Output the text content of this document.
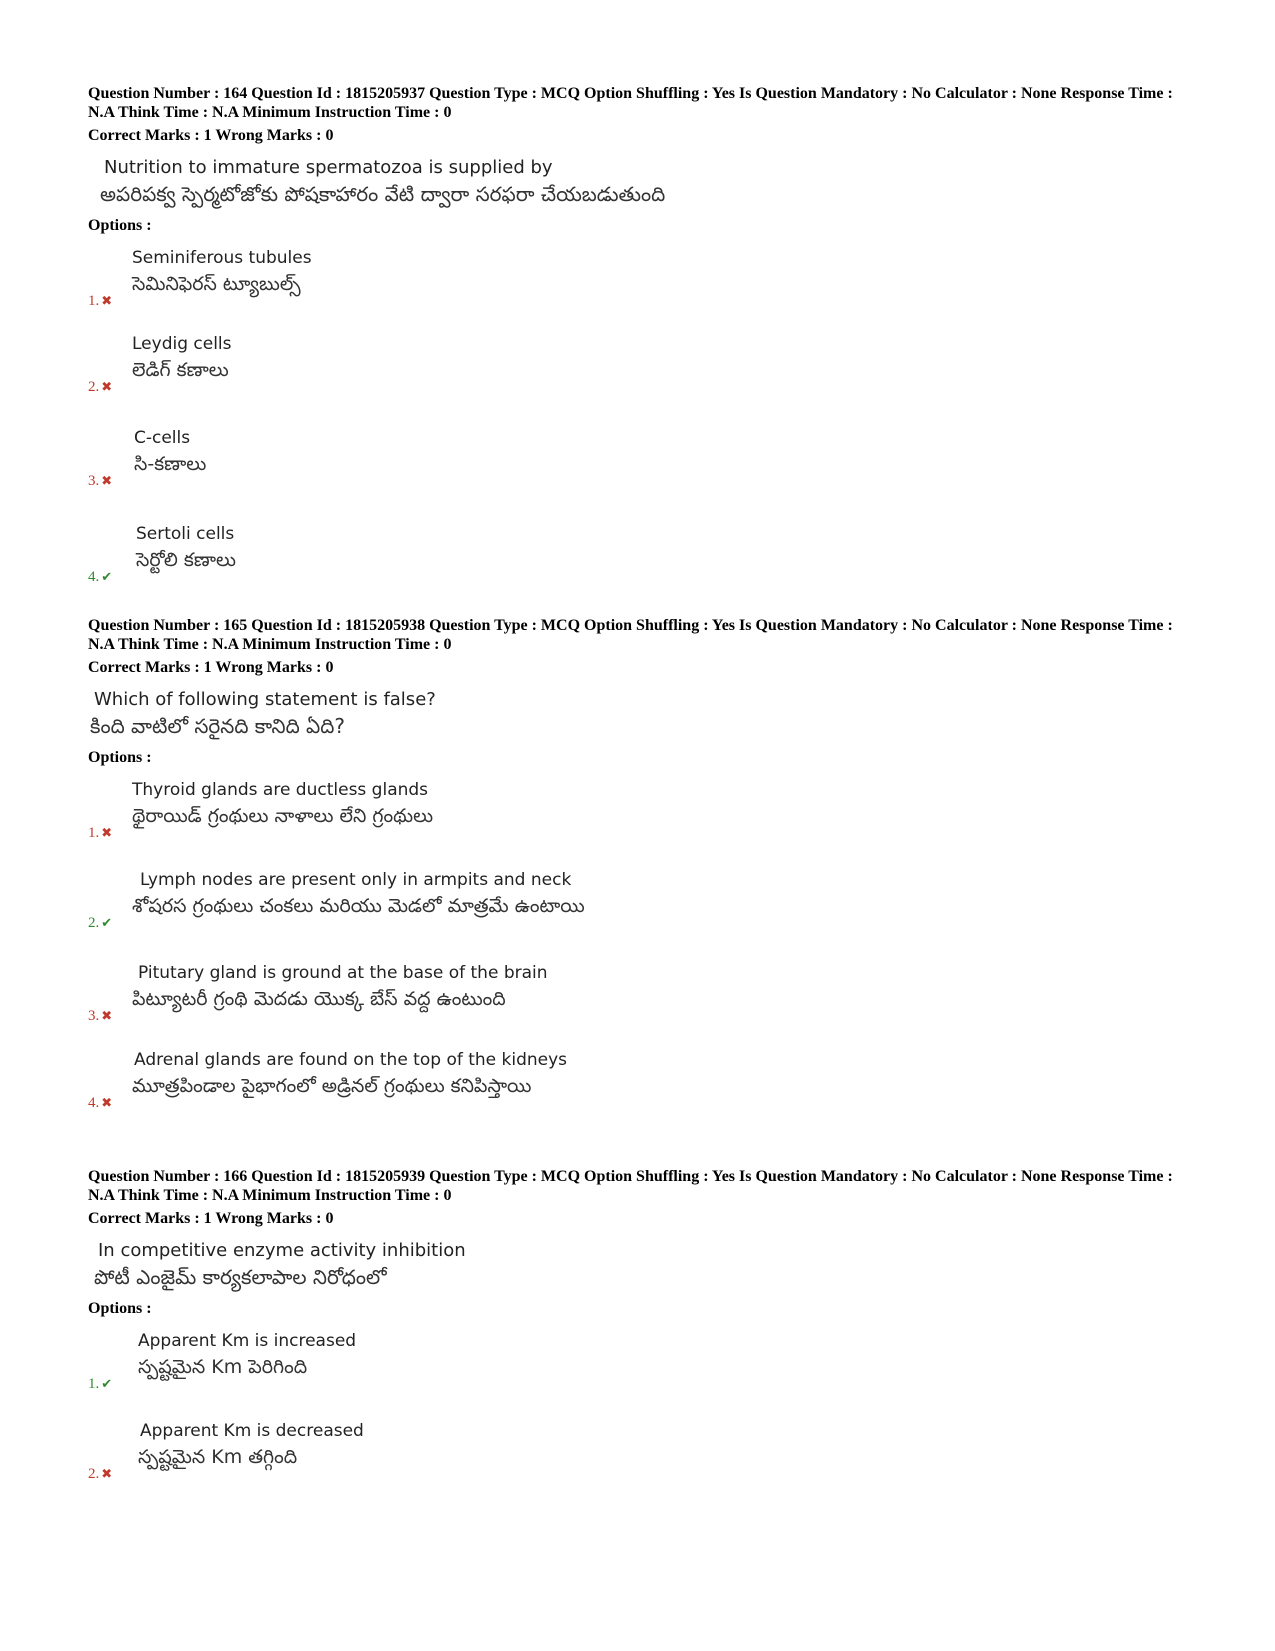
Question Number : 164 Question Id : 1815205937 Question Type : MCQ Option Shuffling : Yes Is Question Mandatory : No Calculator : None Response Time : N.A Think Time : N.A Minimum Instruction Time : 0

Correct Marks : 1 Wrong Marks : 0

Nutrition to immature spermatozoa is supplied by
అపరిపక్వ స్పెర్మటోజోకు పోషకాహారం వేటి ద్వారా సరఫరా చేయబడుతుంది

Options :

Seminiferous tubules
సెమినిఫెరస్ ట్యూబుల్స్
1. ✖
Leydig cells
లెడిగ్ కణాలు
2. ✖
C-cells
సి-కణాలు
3. ✖
Sertoli cells
సెర్టోలి కణాలు
4. ✔

Question Number : 165 Question Id : 1815205938 Question Type : MCQ Option Shuffling : Yes Is Question Mandatory : No Calculator : None Response Time : N.A Think Time : N.A Minimum Instruction Time : 0

Correct Marks : 1 Wrong Marks : 0

Which of following statement is false?
కింది వాటిలో సరైనది కానిది ఏది?

Options :

Thyroid glands are ductless glands
థైరాయిడ్ గ్రంథులు నాళాలు లేని గ్రంథులు
1. ✖
Lymph nodes are present only in armpits and neck
శోషరస గ్రంథులు చంకలు మరియు మెడలో మాత్రమే ఉంటాయి
2. ✔
Pitutary gland is ground at the base of the brain
పిట్యూటరీ గ్రంథి మెదడు యొక్క బేస్ వద్ద ఉంటుంది
3. ✖
Adrenal glands are found on the top of the kidneys
మూత్రపిండాల పైభాగంలో అడ్రినల్ గ్రంథులు కనిపిస్తాయి
4. ✖

Question Number : 166 Question Id : 1815205939 Question Type : MCQ Option Shuffling : Yes Is Question Mandatory : No Calculator : None Response Time : N.A Think Time : N.A Minimum Instruction Time : 0

Correct Marks : 1 Wrong Marks : 0

In competitive enzyme activity inhibition
పోటీ ఎంజైమ్ కార్యకలాపాల నిరోధంలో

Options :

Apparent Km is increased
స్పష్టమైన Km పెరిగింది
1. ✔
Apparent Km is decreased
స్పష్టమైన Km తగ్గింది
2. ✖
